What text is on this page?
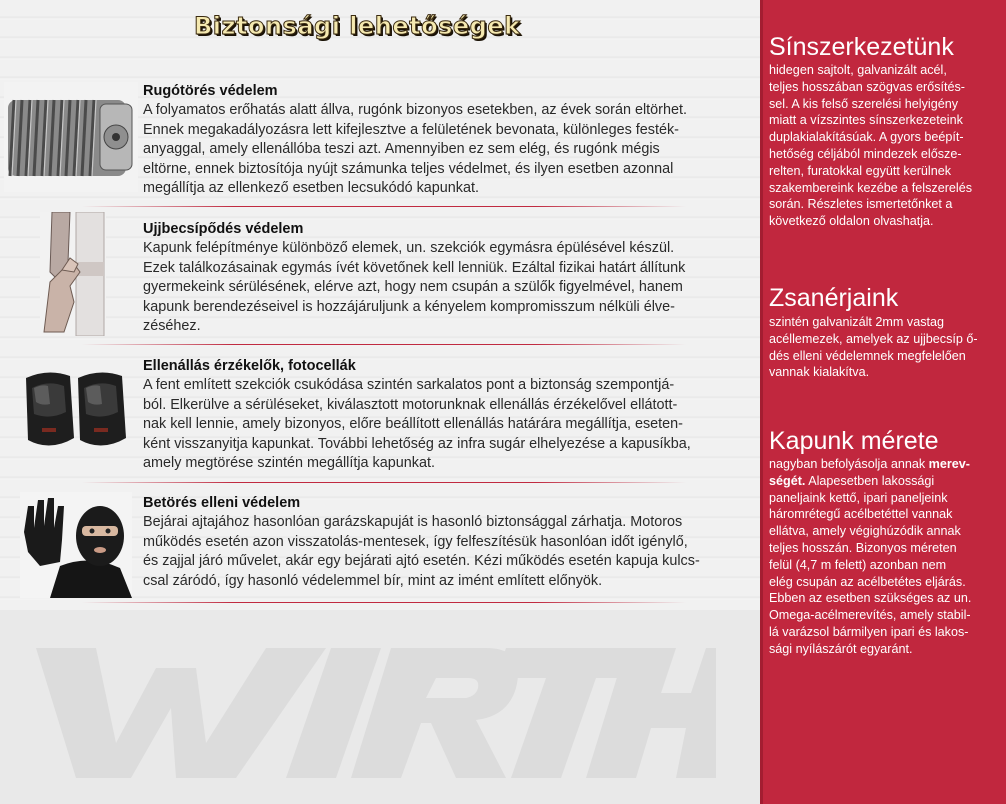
Biztonsági lehetőségek
Rugótörés védelem

A folyamatos erőhatás alatt állva, rugónk bizonyos esetekben, az évek során eltörhet.
Ennek megakadályozásra lett kifejlesztve a felületének bevonata, különleges festék-
anyaggal, amely ellenállóba teszi azt. Amennyiben ez sem elég, és rugónk mégis
eltörne, ennek biztosítója nyújt számunka teljes védelmet, és ilyen esetben azonnal
megállítja az ellenkező esetben lecsukódó kapunkat.

Ujjbecsípődés védelem

Kapunk felépítménye különböző elemek, un. szekciók egymásra épülésével készül.
Ezek találkozásainak egymás ívét követőnek kell lenniük. Ezáltal fizikai határt állítunk
gyermekeink sérülésének, elérve azt, hogy nem csupán a szülők figyelmével, hanem
kapunk berendezéseivel is hozzájáruljunk a kényelem kompromisszum nélküli élve-
zéséhez.

Ellenállás érzékelők, fotocellák

A fent említett szekciók csukódása szintén sarkalatos pont a biztonság szempontjá-
ból. Elkerülve a sérüléseket, kiválasztott motorunknak ellenállás érzékelővel ellátott-
nak kell lennie, amely bizonyos, előre beállított ellenállás határára megállítja, eseten-
ként visszanyitja kapunkat. További lehetőség az infra sugár elhelyezése a kapusíkba,
amely megtörése szintén megállítja kapunkat.

Betörés elleni védelem

Bejárai ajtajához hasonlóan garázskapuját is hasonló biztonsággal zárhatja. Motoros
működés esetén azon visszatolás-mentesek, így felfeszítésük hasonlóan időt igénylő,
és zajjal járó művelet, akár egy bejárati ajtó esetén. Kézi működés esetén kapuja kulcs-
csal záródó, így hasonló védelemmel bír, mint az imént említett előnyök.

Sínszerkezetünk

hidegen sajtolt, galvanizált acél,
teljes hosszában szögvas erősítés-
sel. A kis felső szerelési helyigény
miatt a vízszintes sínszerkezeteink
duplakialakításúak. A gyors beépít-
hetőség céljából mindezek előszе-
relten, furatokkal együtt kerülnek
szakembereink kezébe a felszerelés
során. Részletes ismertetőnket a
következő oldalon olvashatja.

Zsanérjaink

szintén galvanizált 2mm vastag
acéllemezek, amelyek az ujjbecsíp ő-
dés elleni védelemnek megfelelően
vannak kialakítva.

Kapunk mérete

nagyban befolyásolja annak merev-
ségét. Alapesetben lakossági
paneljaink kettő, ipari paneljeink
háromrétegű acélbetéttel vannak
ellátva, amely végighúzódik annak
teljes hosszán. Bizonyos méreten
felül (4,7 m felett) azonban nem
elég csupán az acélbetétes eljárás.
Ebben az esetben szükséges az un.
Omega-acélmerevítés, amely stabil-
lá varázsol bármilyen ipari és lakos-
sági nyílászárót egyaránt.
